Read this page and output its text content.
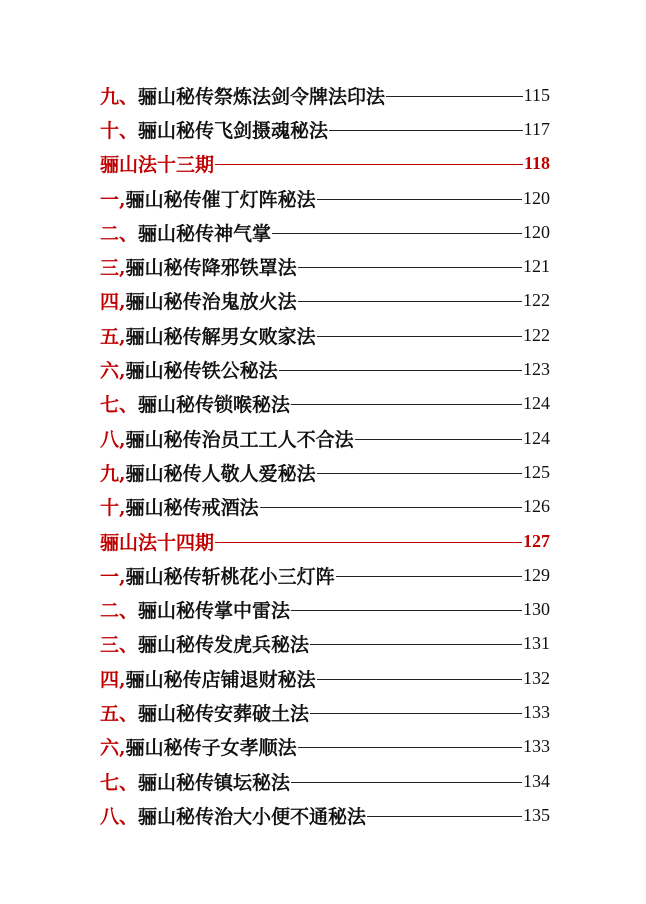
九、 骊山秘传祭炼法剑令牌法印法	115
十、 骊山秘传飞剑摄魂秘法	117
骊山法十三期	118
一, 骊山秘传催丁灯阵秘法	120
二、 骊山秘传神气掌	120
三, 骊山秘传降邪铁罩法	121
四, 骊山秘传治鬼放火法	122
五, 骊山秘传解男女败家法	122
六, 骊山秘传铁公秘法	123
七、 骊山秘传锁喉秘法	124
八, 骊山秘传治员工工人不合法	124
九, 骊山秘传人敬人爱秘法	125
十, 骊山秘传戒酒法	126
骊山法十四期	127
一, 骊山秘传斩桃花小三灯阵	129
二、 骊山秘传掌中雷法	130
三、 骊山秘传发虎兵秘法	131
四, 骊山秘传店铺退财秘法	132
五、 骊山秘传安葬破土法	133
六, 骊山秘传子女孝顺法	133
七、 骊山秘传镇坛秘法	134
八、 骊山秘传治大小便不通秘法	135
